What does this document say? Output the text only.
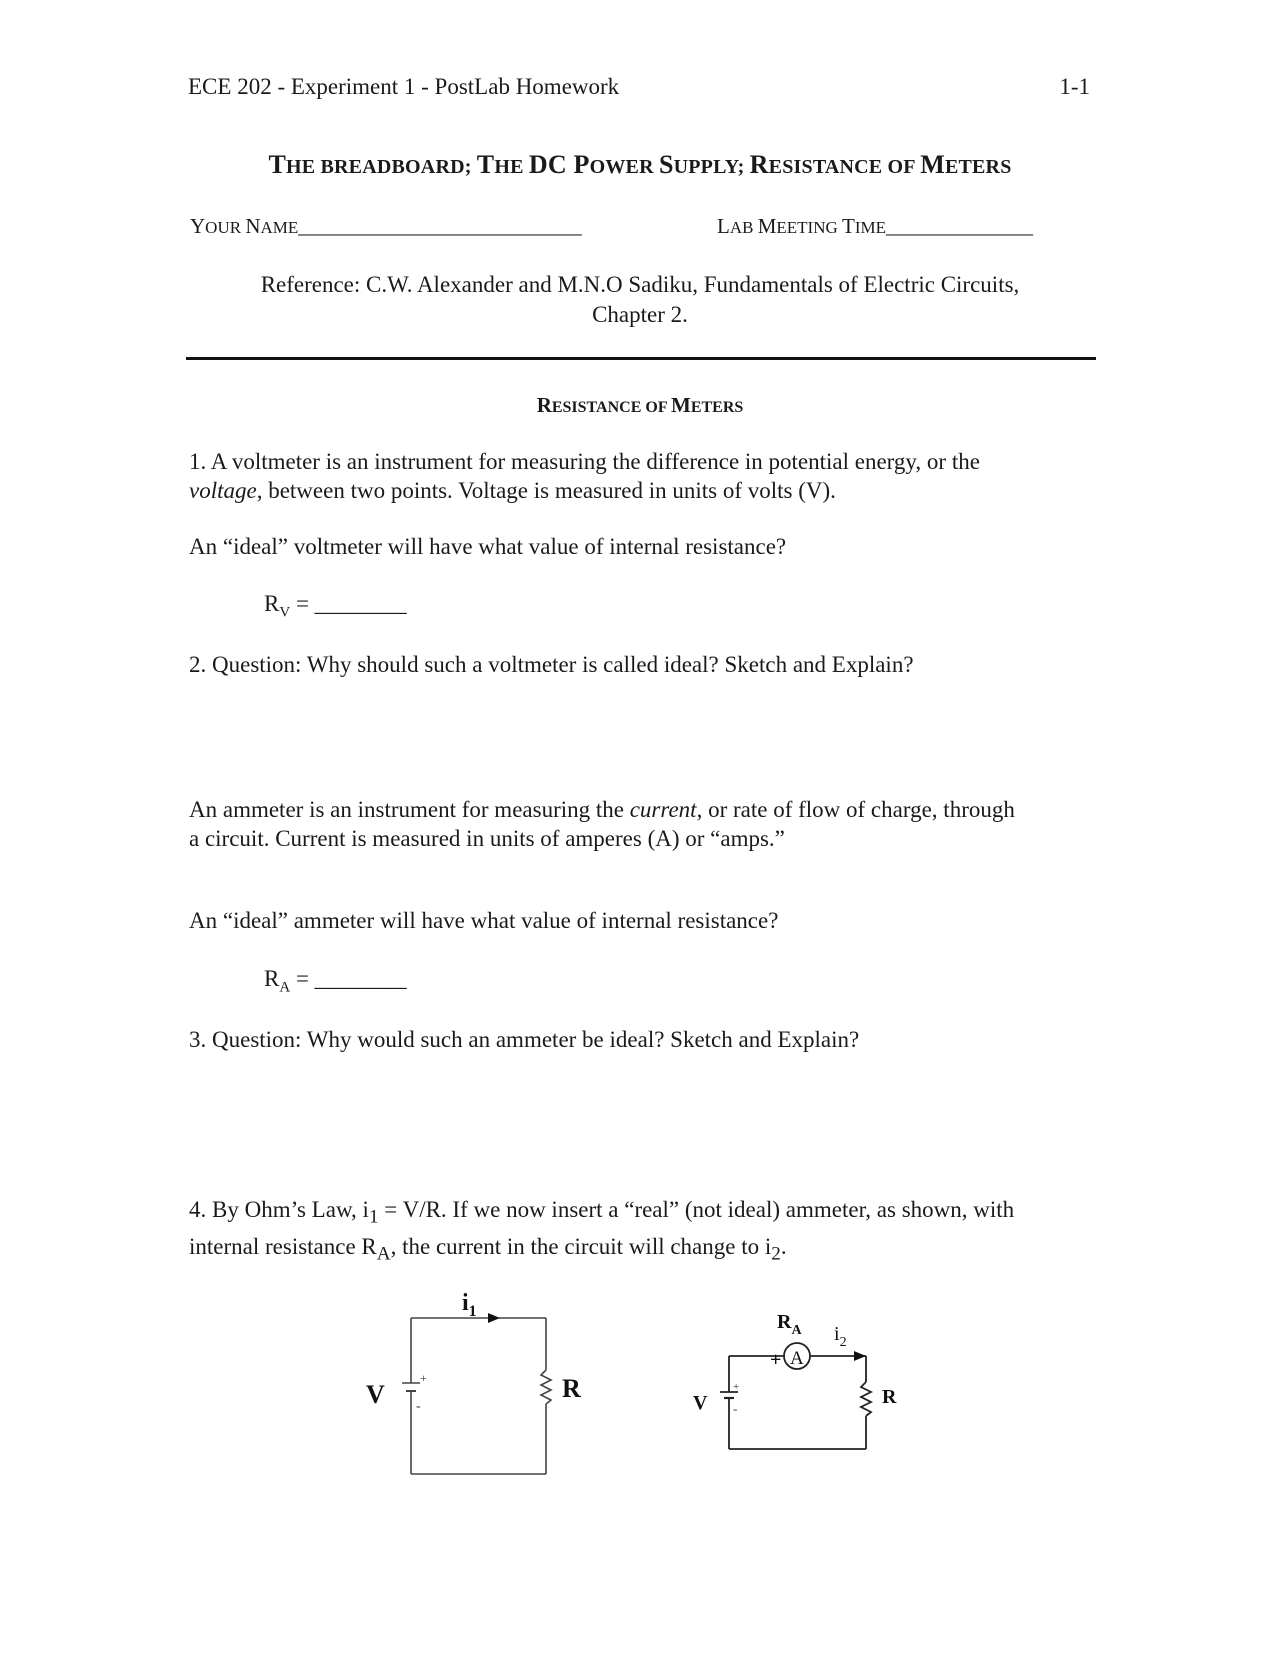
ECE 202 - Experiment 1 - PostLab Homework	1-1
THE BREADBOARD; THE DC POWER SUPPLY; RESISTANCE OF METERS
YOUR NAME___________________________	LAB MEETING TIME______________
Reference: C.W. Alexander and M.N.O Sadiku, Fundamentals of Electric Circuits,
Chapter 2.
RESISTANCE OF METERS
1. A voltmeter is an instrument for measuring the difference in potential energy, or the
voltage, between two points. Voltage is measured in units of volts (V).
An “ideal” voltmeter will have what value of internal resistance?
$R_V$ = ________
2. Question: Why should such a voltmeter is called ideal? Sketch and Explain?
An ammeter is an instrument for measuring the current, or rate of flow of charge, through
a circuit. Current is measured in units of amperes (A) or “amps.”
An “ideal” ammeter will have what value of internal resistance?
$R_A$ = ________
3. Question: Why would such an ammeter be ideal? Sketch and Explain?
4. By Ohm’s Law, $i_1 = V/R$. If we now insert a “real” (not ideal) ammeter, as shown, with
internal resistance $R_A$, the current in the circuit will change to $i_2$.
$i_1$
V
+
-
R
A
$R_A$ $i_2$
+
V
+
-
R
